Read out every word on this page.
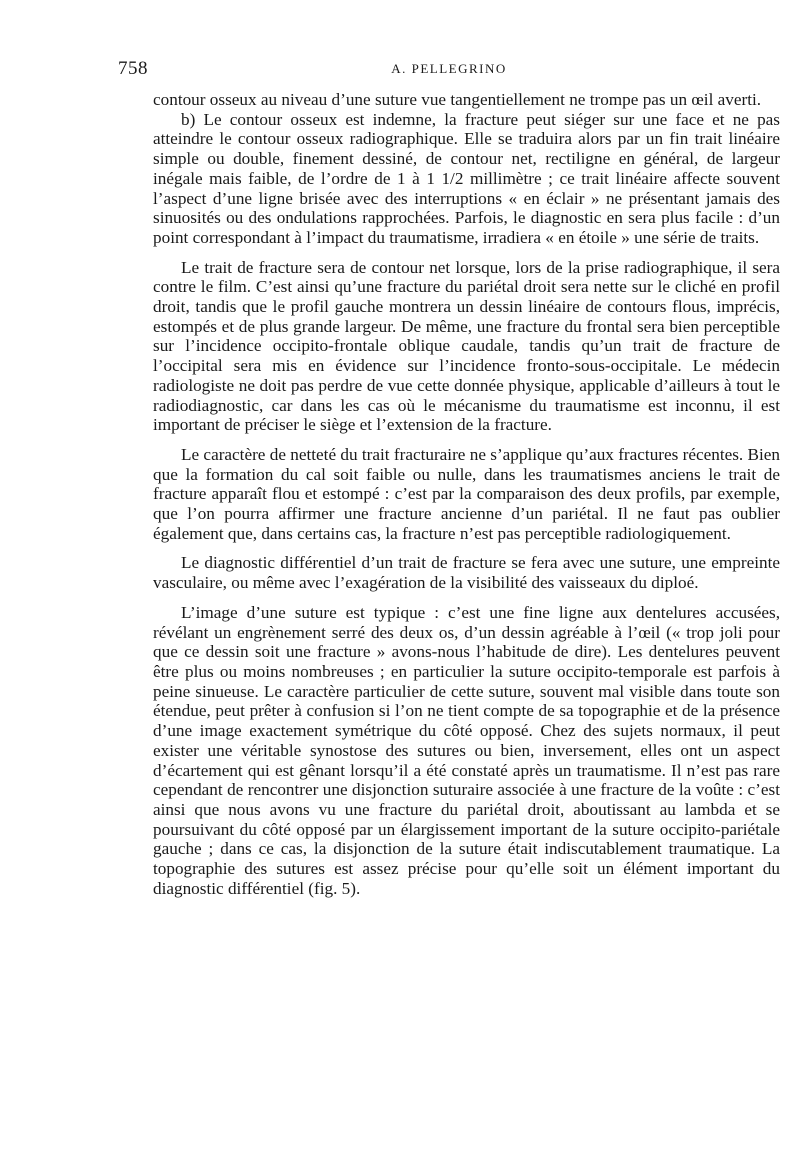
758	A. PELLEGRINO

contour osseux au niveau d’une suture vue tangentiellement ne trompe pas un œil averti.

b) Le contour osseux est indemne, la fracture peut siéger sur une face et ne pas atteindre le contour osseux radiographique. Elle se traduira alors par un fin trait linéaire simple ou double, finement dessiné, de contour net, rectiligne en général, de largeur inégale mais faible, de l’ordre de 1 à 1 1/2 millimètre ; ce trait linéaire affecte souvent l’aspect d’une ligne brisée avec des interruptions « en éclair » ne présentant jamais des sinuosités ou des ondulations rapprochées. Parfois, le diagnostic en sera plus facile : d’un point correspondant à l’impact du traumatisme, irradiera « en étoile » une série de traits.

Le trait de fracture sera de contour net lorsque, lors de la prise radiographique, il sera contre le film. C’est ainsi qu’une fracture du pariétal droit sera nette sur le cliché en profil droit, tandis que le profil gauche montrera un dessin linéaire de contours flous, imprécis, estompés et de plus grande largeur. De même, une fracture du frontal sera bien perceptible sur l’incidence occipito-frontale oblique caudale, tandis qu’un trait de fracture de l’occipital sera mis en évidence sur l’incidence fronto-sous-occipitale. Le médecin radiologiste ne doit pas perdre de vue cette donnée physique, applicable d’ailleurs à tout le radiodiagnostic, car dans les cas où le mécanisme du traumatisme est inconnu, il est important de préciser le siège et l’extension de la fracture.

Le caractère de netteté du trait fracturaire ne s’applique qu’aux fractures récentes. Bien que la formation du cal soit faible ou nulle, dans les traumatismes anciens le trait de fracture apparaît flou et estompé : c’est par la comparaison des deux profils, par exemple, que l’on pourra affirmer une fracture ancienne d’un pariétal. Il ne faut pas oublier également que, dans certains cas, la fracture n’est pas perceptible radiologiquement.

Le diagnostic différentiel d’un trait de fracture se fera avec une suture, une empreinte vasculaire, ou même avec l’exagération de la visibilité des vaisseaux du diploé.

L’image d’une suture est typique : c’est une fine ligne aux dentelures accusées, révélant un engrènement serré des deux os, d’un dessin agréable à l’œil (« trop joli pour que ce dessin soit une fracture » avons-nous l’habitude de dire). Les dentelures peuvent être plus ou moins nombreuses ; en particulier la suture occipito-temporale est parfois à peine sinueuse. Le caractère particulier de cette suture, souvent mal visible dans toute son étendue, peut prêter à confusion si l’on ne tient compte de sa topographie et de la présence d’une image exactement symétrique du côté opposé. Chez des sujets normaux, il peut exister une véritable synostose des sutures ou bien, inversement, elles ont un aspect d’écartement qui est gênant lorsqu’il a été constaté après un traumatisme. Il n’est pas rare cependant de rencontrer une disjonction suturaire associée à une fracture de la voûte : c’est ainsi que nous avons vu une fracture du pariétal droit, aboutissant au lambda et se poursuivant du côté opposé par un élargissement important de la suture occipito-pariétale gauche ; dans ce cas, la disjonction de la suture était indiscutablement traumatique. La topographie des sutures est assez précise pour qu’elle soit un élément important du diagnostic différentiel (fig. 5).
